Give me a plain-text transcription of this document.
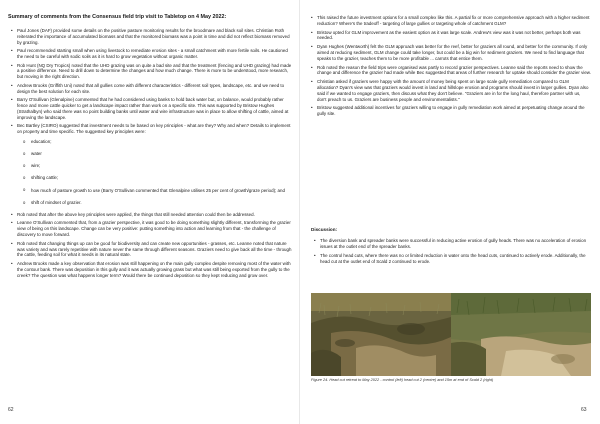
Summary of comments from the Consensus field trip visit to Tabletop on 4 May 2022:
• Paul Jones (DAF) provided some details on the positive pasture monitoring results for the broodmare and black soil sites. Christian Roth reiterated the importance of accumulated biomass and that the monitored biomass was a point in time and did not reflect biomass removed by grazing.
• Paul recommended starting small when using livestock to remediate erosion sites - a small catchment with more fertile soils. He cautioned the need to be careful with sodic soils as it is hard to grow vegetation without organic matter.
• Rob Hunt (NQ Dry Tropics) noted that the UHD grazing was on quite a bad site and that the treatment (fencing and UHD grazing) had made a positive difference. Need to drill down to determine the changes and how much change. There is more to be understood, more research, but moving in the right direction.
• Andrew Brooks (Griffith Uni) noted that all gullies come with different characteristics - different soil types, landscape, etc. and we need to design the best solution for each site.
• Barry O'Sullivan (Glenalpine) commented that he had considered using banks to hold back water but, on balance, would probably rather fence and move cattle quicker to get a landscape impact rather than work on a specific site. This was supported by Bristow Hughes (Strathalbyn) who said there was no point building banks until water and wire infrastructure was in place to allow shifting of cattle, aimed at improving the landscape.
• Bec Bartley (CSIRO) suggested that investment needs to be based on key principles - what are they? Why and when? Details to implement on property and time specific. The suggested key principles were:
o education;
o water
o wire;
o shifting cattle;
o how much of pasture growth to use (Barry O'Sullivan commented that Glenalpine utilises 25 per cent of growth/graze period); and
o shift of mindset of grazier.
• Rob noted that after the above key principles were applied, the things that still needed attention could then be addressed.
• Leanne O'Sullivan commented that, from a grazier perspective, it was good to be doing something slightly different, transforming the grazier view of being on this landscape. Change can be very positive: putting something into action and learning from that - the challenge of discovery to move forward.
• Rob noted that changing things up can be good for biodiversity and can create new opportunities - grasses, etc. Leanne noted that nature was variety and was rarely repetitive with nature never the same through different seasons. Graziers need to give back all the time - through the cattle, feeding soil for what it needs in its natural state.
• Andrew Brooks made a key observation that erosion was still happening on the main gully complex despite removing most of the water with the contour bank. There was deposition in this gully and it was actually growing grass but what was still being exported from the gully to the creek? The question was what happens longer term? Would there be continued deposition so they kept reducing and grow over.
62
• This raised the future investment options for a small complex like this. A partial fix or more comprehensive approach with a higher sediment reduction? Where's the tradeoff - targeting of large gullies or targeting whole of catchment GLM?
• Bristow opted for GLM improvement as the easiest option as it was large scale. Andrew's view was it was not better, perhaps both was needed.
• Dyan Hughes (Wentworth) felt the GLM approach was better for the reef, better for graziers all round, and better for the community. If only aimed at reducing sediment, GLM change could take longer, but could be a big win for sediment graziers. We need to find language that speaks to the grazier, teaches them to be more profitable ... carrots that entice them.
• Rob noted the reason the field trips were organised was partly to record grazier perspectives. Leanne said the reports need to show the change and difference the grazier had made while Bec suggested that areas of further research for uptake should consider the grazier view.
• Christian asked if graziers were happy with the amount of money being spent on large scale gully remediation compared to GLM allocation? Dyan's view was that graziers would invest in land and hillslope erosion and programs should invest in larger gullies. Dyan also said if we wanted to engage graziers, then discuss what they don't believe. "Graziers are in for the long haul, therefore partner with us, don't preach to us. Graziers are business people and environmentalists."
• Bristow suggested additional incentives for graziers willing to engage in gully remediation work aimed at perpetuating change around the gully site.
Discussion:
• The diversion bank and spreader banks were successful in reducing active erosion of gully heads. There was no acceleration of erosion issues at the outlet end of the spreader banks.
• The control head cuts, where there was no or limited reduction in water onto the head cuts, continued to actively erode. Additionally, the head cut at the outlet end of Scald 2 continued to erode.
Figure 24. Head cut retreat to May 2022 - control (left) head cut 2 (centre) and 15m at end of Scald 2 (right)
63
